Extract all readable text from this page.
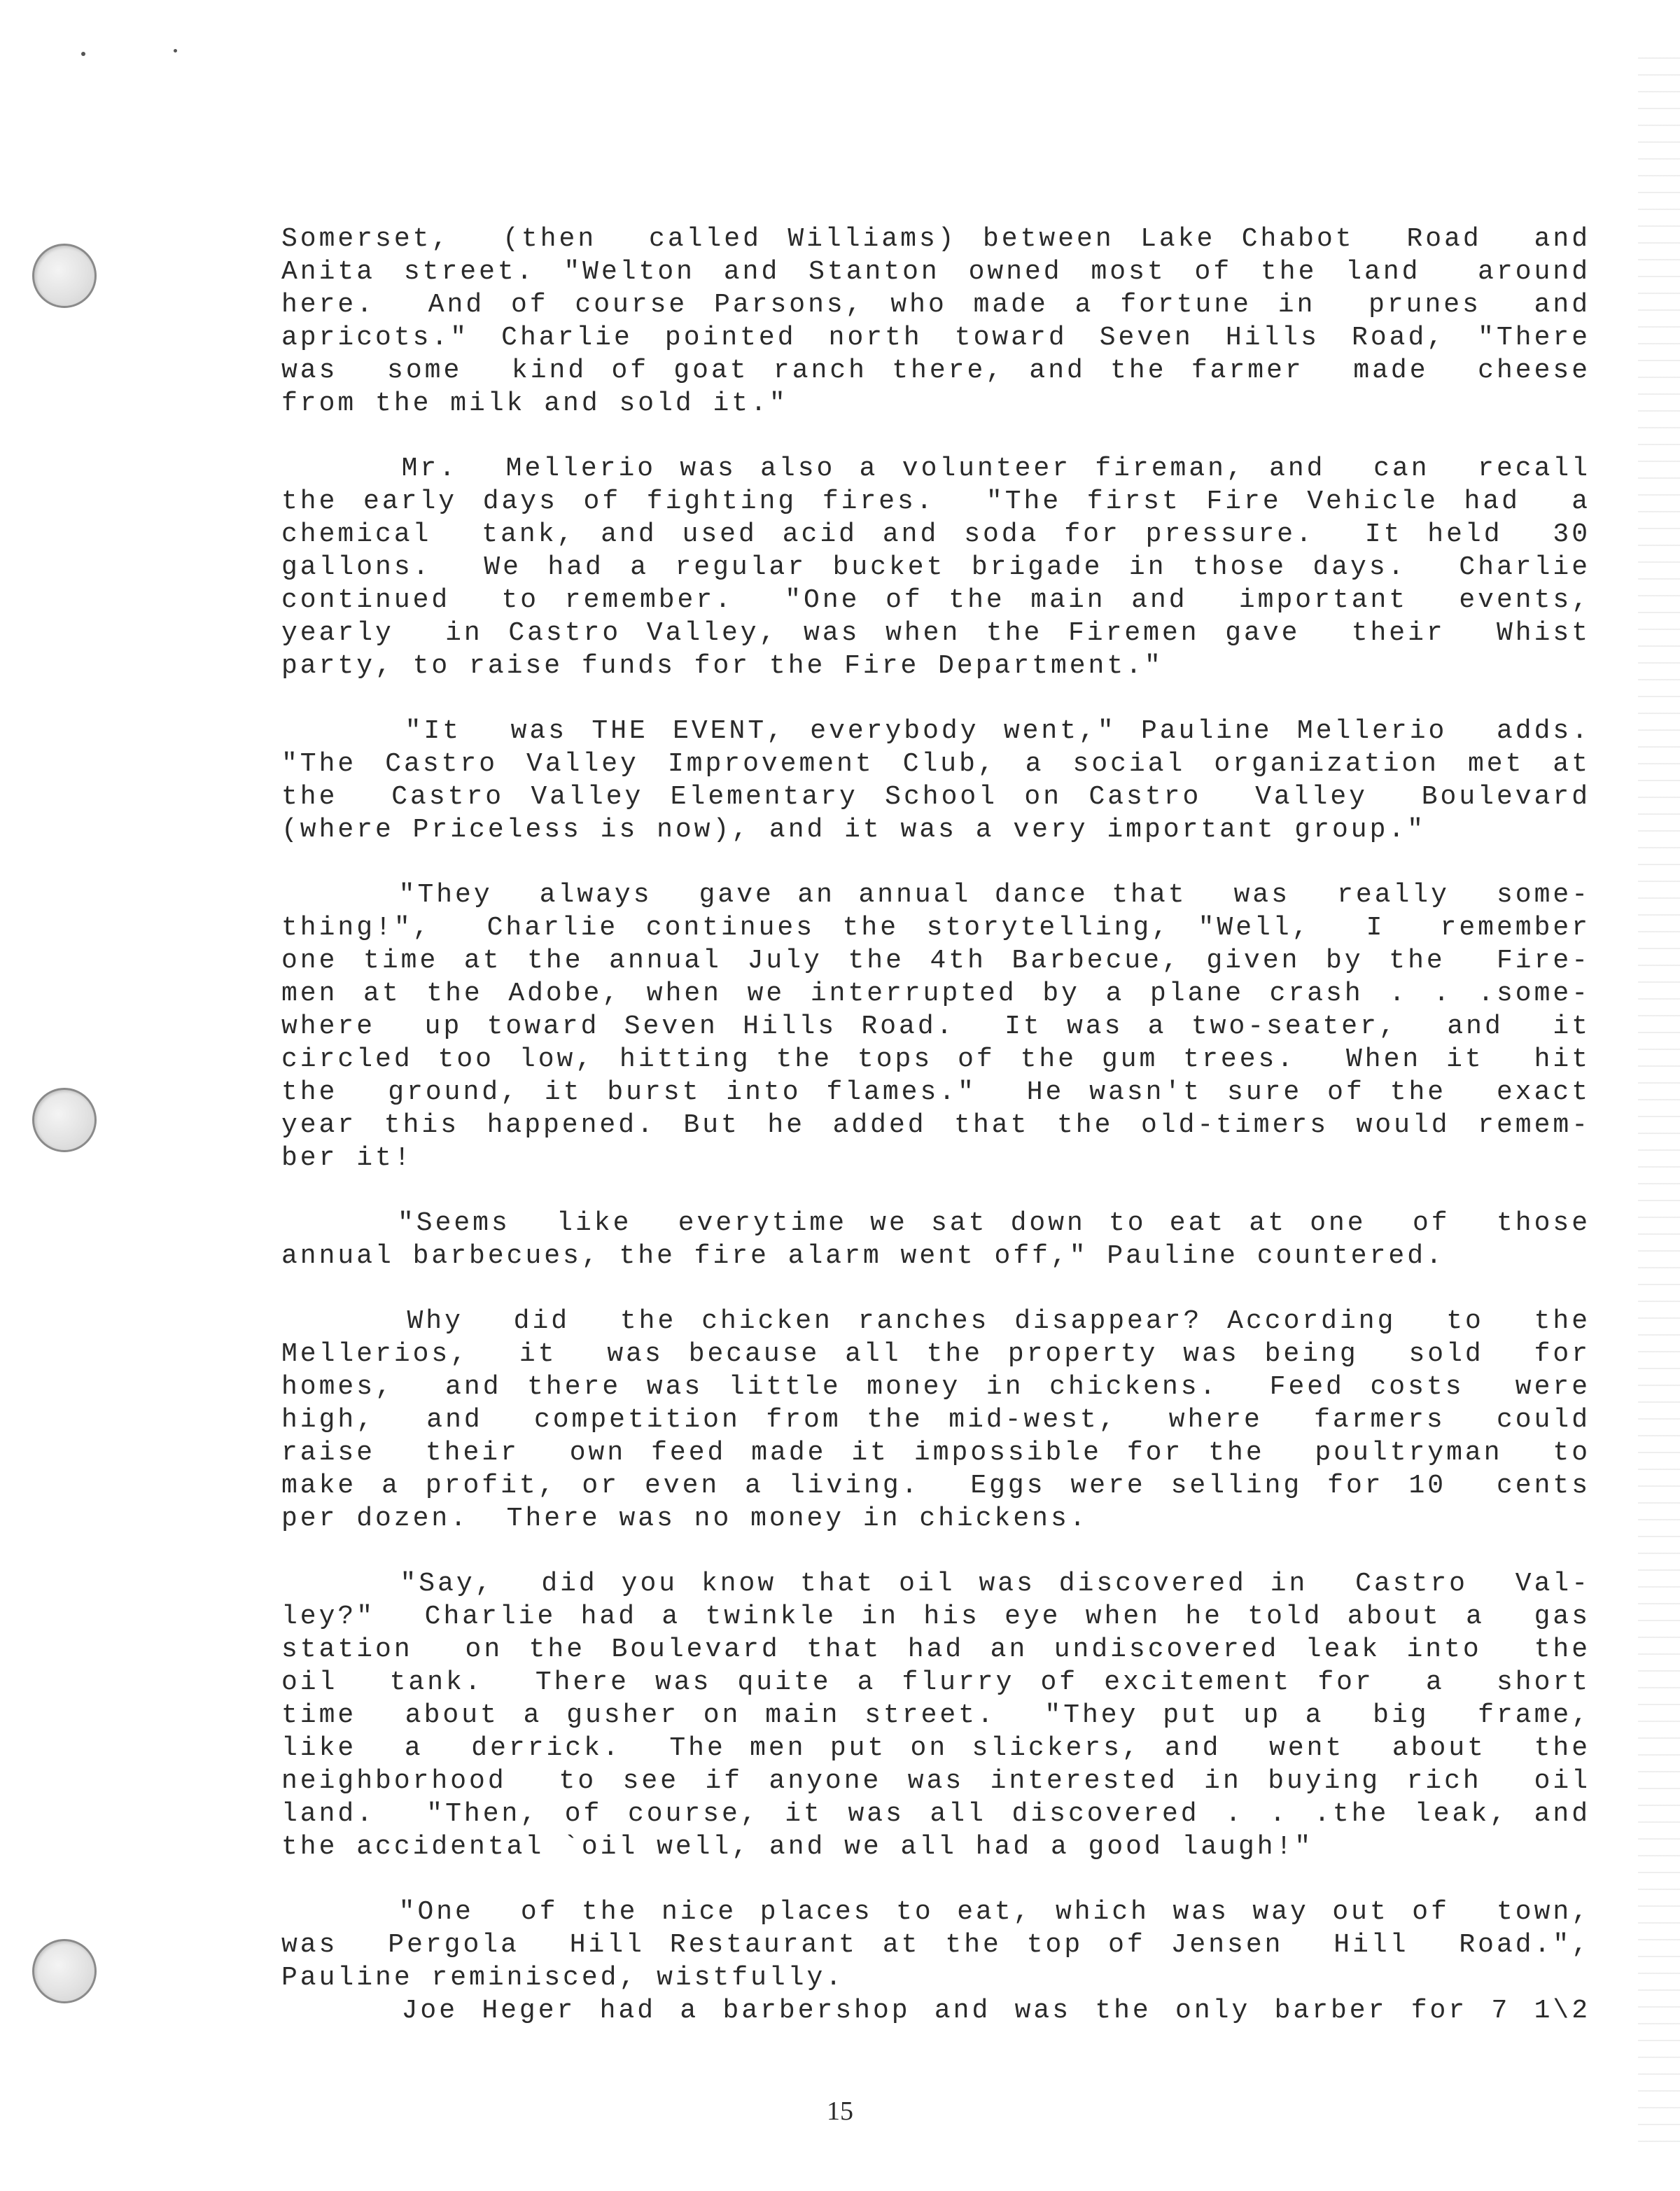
Somerset,  (then  called Williams) between Lake Chabot  Road  and
Anita street. "Welton and Stanton owned most of the land  around
here.  And of course Parsons, who made a fortune in  prunes  and
apricots." Charlie pointed north toward Seven Hills Road, "There
was  some  kind of goat ranch there, and the farmer  made  cheese
from the milk and sold it."
Mr.  Mellerio was also a volunteer fireman, and  can  recall
the early days of fighting fires.  "The first Fire Vehicle had  a
chemical  tank, and used acid and soda for pressure.  It held  30
gallons.  We had a regular bucket brigade in those days.  Charlie
continued  to remember.  "One of the main and  important  events,
yearly  in Castro Valley, was when the Firemen gave  their  Whist
party, to raise funds for the Fire Department."
"It  was THE EVENT, everybody went," Pauline Mellerio  adds.
"The Castro Valley Improvement Club, a social organization met at
the  Castro Valley Elementary School on Castro  Valley  Boulevard
(where Priceless is now), and it was a very important group."
"They  always  gave an annual dance that  was  really  some-
thing!",  Charlie continues the storytelling, "Well,  I  remember
one time at the annual July the 4th Barbecue, given by the  Fire-
men at the Adobe, when we interrupted by a plane crash . . .some-
where  up toward Seven Hills Road.  It was a two-seater,  and  it
circled too low, hitting the tops of the gum trees.  When it  hit
the  ground, it burst into flames."  He wasn't sure of the  exact
year this happened. But he added that the old-timers would remem-
ber it!
"Seems  like  everytime we sat down to eat at one  of  those
annual barbecues, the fire alarm went off," Pauline countered.
Why  did  the chicken ranches disappear? According  to  the
Mellerios,  it  was because all the property was being  sold  for
homes,  and there was little money in chickens.  Feed costs  were
high,  and  competition from the mid-west,  where  farmers  could
raise  their  own feed made it impossible for the  poultryman  to
make a profit, or even a living.  Eggs were selling for 10  cents
per dozen.  There was no money in chickens.
"Say,  did you know that oil was discovered in  Castro  Val-
ley?"  Charlie had a twinkle in his eye when he told about a  gas
station  on the Boulevard that had an undiscovered leak into  the
oil  tank.  There was quite a flurry of excitement for  a  short
time  about a gusher on main street.  "They put up a  big  frame,
like  a  derrick.  The men put on slickers, and  went  about  the
neighborhood  to see if anyone was interested in buying rich  oil
land.  "Then, of course, it was all discovered . . .the leak, and
the accidental `oil well, and we all had a good laugh!"
"One  of the nice places to eat, which was way out of  town,
was  Pergola  Hill Restaurant at the top of Jensen  Hill  Road.",
Pauline reminisced, wistfully.
Joe Heger had a barbershop and was the only barber for 7 1\2
15
